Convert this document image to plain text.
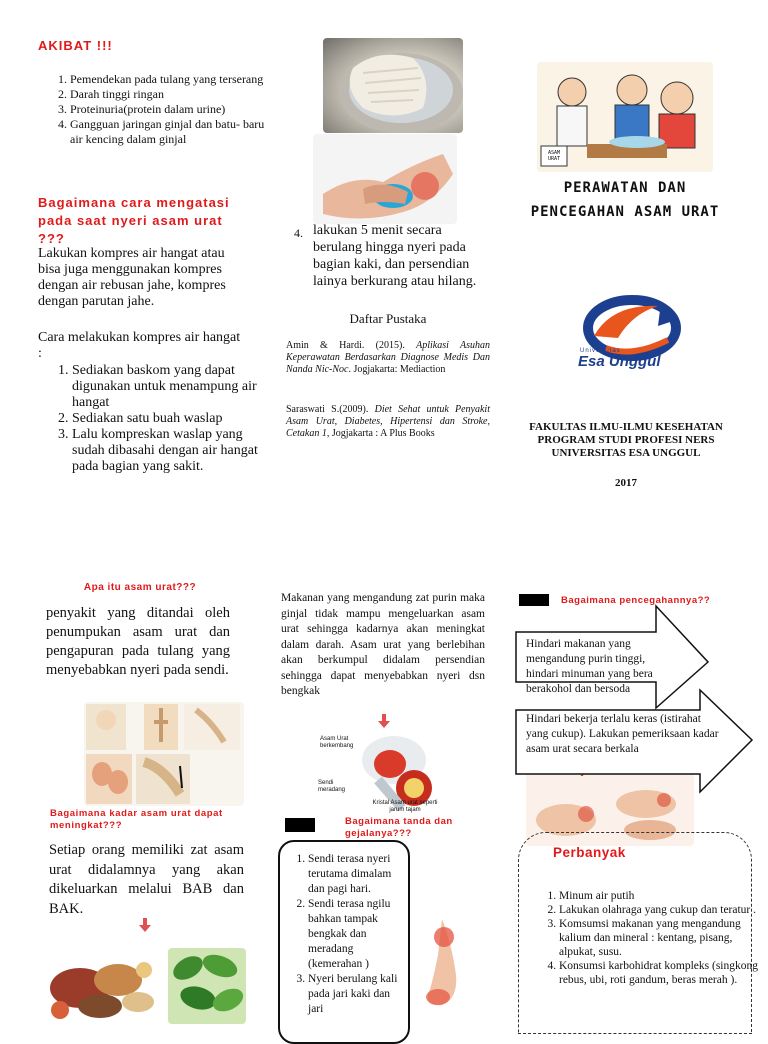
AKIBAT !!!
1. Pemendekan pada tulang yang terserang
2. Darah tinggi ringan
3. Proteinuria(protein dalam urine)
4. Gangguan jaringan ginjal dan batu- baru air kencing dalam ginjal
Bagaimana cara mengatasi pada saat nyeri asam urat ???
Lakukan kompres air hangat atau bisa juga menggunakan kompres dengan air rebusan jahe, kompres dengan parutan jahe.
Cara melakukan kompres air hangat :
1. Sediakan baskom yang dapat digunakan untuk menampung air hangat
2. Sediakan satu buah waslap
3. Lalu kompreskan waslap yang sudah dibasahi dengan air hangat pada bagian yang sakit.
4. lakukan 5 menit secara berulang hingga nyeri pada bagian kaki, dan persendian lainya berkurang atau hilang.
Daftar Pustaka
Amin & Hardi. (2015). Aplikasi Asuhan Keperawatan Berdasarkan Diagnose Medis Dan Nanda Nic-Noc. Jogjakarta: Mediaction
Saraswati S.(2009). Diet Sehat untuk Penyakit Asam Urat, Diabetes, Hipertensi dan Stroke, Cetakan 1, Jogjakarta : A Plus Books
ASAM URAT
PERAWATAN DAN PENCEGAHAN ASAM URAT
Universitas
Esa Unggul
FAKULTAS ILMU-ILMU KESEHATAN PROGRAM STUDI PROFESI NERS UNIVERSITAS ESA UNGGUL
2017
Apa itu asam urat???
penyakit yang ditandai oleh penumpukan asam urat dan pengapuran pada tulang yang menyebabkan nyeri pada sendi.
Bagaimana kadar asam urat dapat meningkat???
Setiap orang memiliki zat asam urat didalamnya yang akan dikeluarkan melalui BAB dan BAK.
Makanan yang mengandung zat purin maka ginjal tidak mampu mengeluarkan asam urat sehingga kadarnya akan meningkat dalam darah. Asam urat yang berlebihan akan berkumpul didalam persendian sehingga dapat menyebabkan nyeri dsn bengkak
Asam Urat berkembang
Sendi meradang
Kristal Asam urat seperti jarum tajam
Bagaimana tanda dan gejalanya???
1. Sendi terasa nyeri terutama dimalam dan pagi hari.
2. Sendi terasa ngilu bahkan tampak bengkak dan meradang (kemerahan )
3. Nyeri berulang kali pada jari kaki dan jari
Bagaimana pencegahannya??
Hindari makanan yang mengandung purin tinggi, hindari minuman yang bera berakohol dan bersoda
Hindari bekerja terlalu keras (istirahat yang cukup). Lakukan pemeriksaan kadar asam urat secara berkala
Perbanyak
1. Minum air putih
2. Lakukan olahraga yang cukup dan teratur .
3. Komsumsi makanan yang mengandung kalium dan mineral : kentang, pisang, alpukat, susu.
4. Konsumsi karbohidrat kompleks (singkong rebus, ubi, roti gandum, beras merah ).
